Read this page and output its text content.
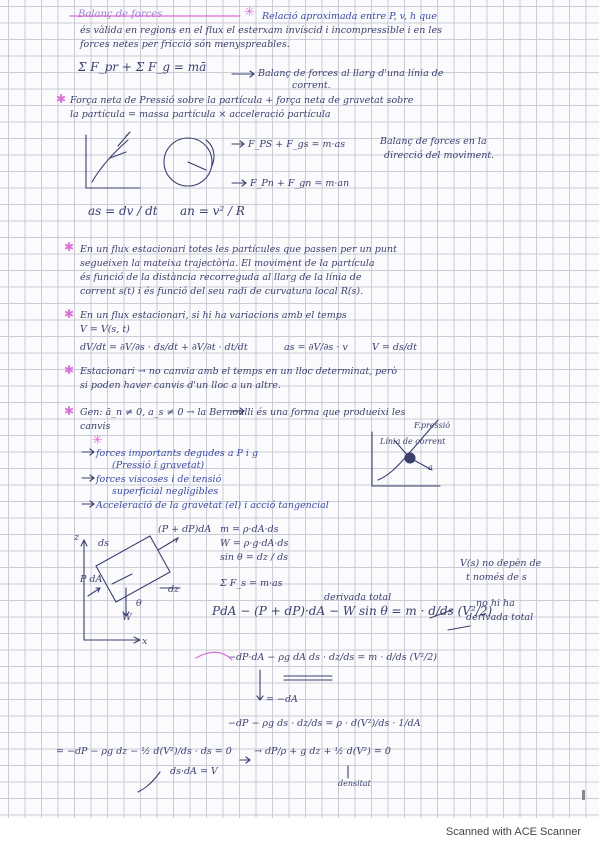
Balanç de forces	✳ Relació aproximada entre P, v, h que
és vàlida en regions en el flux el esterxam invíscid i incompressible i en les
forces netes per fricció són menyspreables.
Σ F_pr + Σ F_g = mā	Balanç de forces al llarg d'una línia de
corrent.
✱ Força neta de Pressió sobre la partícula + força neta de gravetat sobre
la partícula = massa partícula × acceleració partícula
F_PS + F_gs = m·as	Balanç de forces en la
direcció del moviment.
F_Pn + F_gn = m·an
as = dv / dt an = v² / R
✱ En un flux estacionari totes les partícules que passen per un punt
segueixen la mateixa trajectòria. El moviment de la partícula
és funció de la distància recorreguda al llarg de la línia de
corrent s(t) i és funció del seu radi de curvatura local R(s).
✱ En un flux estacionari, si hi ha variacions amb el temps
V = V(s, t)
dV/dt = ∂V/∂s · ds/dt + ∂V/∂t · dt/dt	as = ∂V/∂s · v	V = ds/dt
✱ Estacionari → no canvia amb el temps en un lloc determinat, però
si poden haver canvis d'un lloc a un altre.
✱ Gen: ā_n ≠ 0, a_s ≠ 0 → la Bernoulli és una forma que produeixi les
canvis
✳
forces importants degudes a P i g
(Pressió i gravetat)
forces viscoses i de tensió
superficial negligibles
Acceleració de la gravetat (el) i acció tangencial
F.pressió
Línia de corrent
a
(P + dP)dA
P dA
ds
dz
W
θ
x
z
m = ρ·dA·ds
W = ρ·g·dA·ds
sin θ = dz / ds
Σ F_s = m·as
V(s) no depèn de
t només de s
no hi ha
derivada total
derivada total
PdA − (P + dP)·dA − W sin θ = m · d/ds (V²/2)
−dP·dA − ρg dA ds · dz/ds = m · d/ds (V²/2)
= −dA
−dP − ρg ds · dz/ds = ρ · d(V²)/ds · 1/dA
= −dP − ρg dz − ½ d(V²)/ds · ds = 0 → dP/ρ + g dz + ½ d(V²) = 0
ds·dA = V
densitat
Scanned with ACE Scanner
